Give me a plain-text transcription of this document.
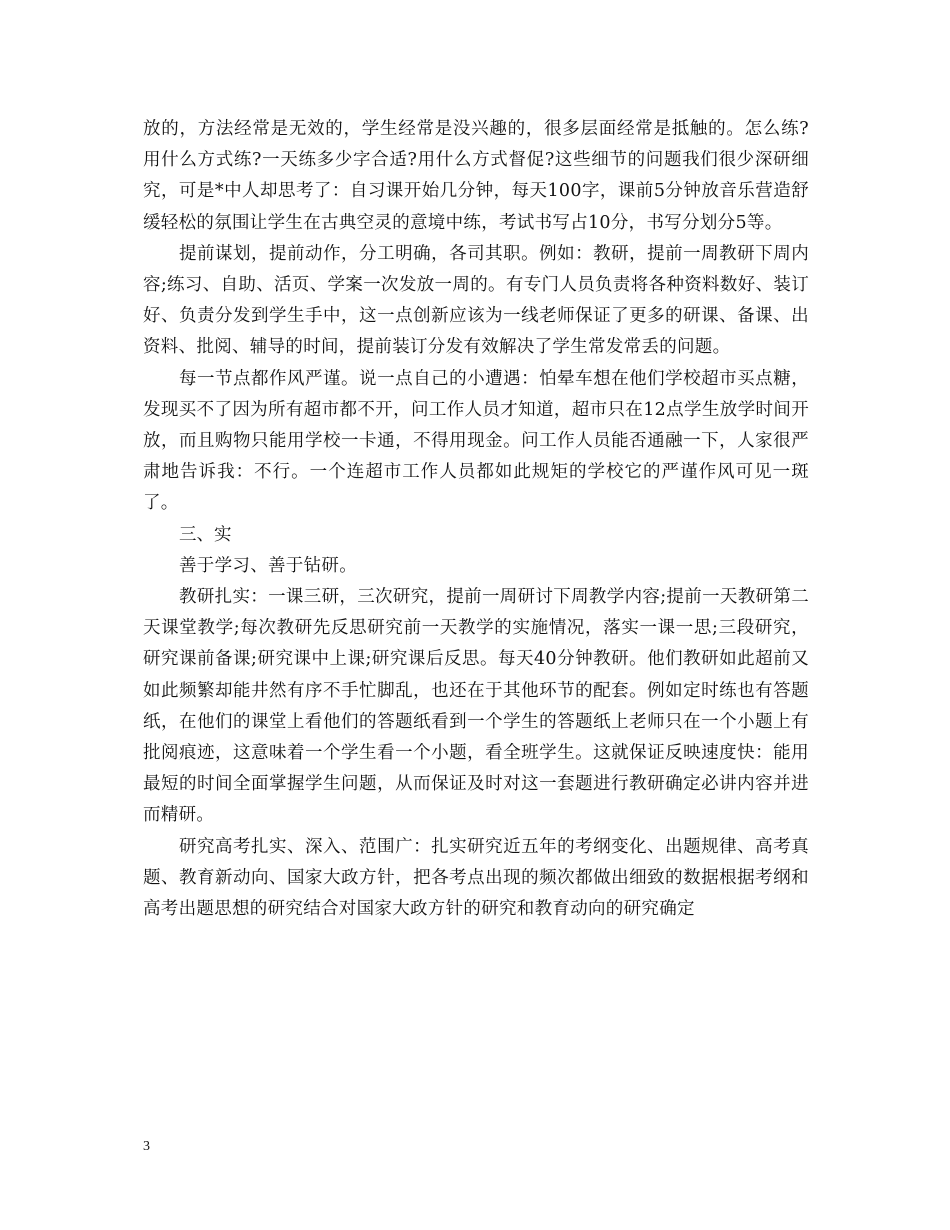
放的，方法经常是无效的，学生经常是没兴趣的，很多层面经常是抵触的。怎么练?用什么方式练?一天练多少字合适?用什么方式督促?这些细节的问题我们很少深研细究，可是*中人却思考了：自习课开始几分钟，每天100字，课前5分钟放音乐营造舒缓轻松的氛围让学生在古典空灵的意境中练，考试书写占10分，书写分划分5等。

提前谋划，提前动作，分工明确，各司其职。例如：教研，提前一周教研下周内容;练习、自助、活页、学案一次发放一周的。有专门人员负责将各种资料数好、装订好、负责分发到学生手中，这一点创新应该为一线老师保证了更多的研课、备课、出资料、批阅、辅导的时间，提前装订分发有效解决了学生常发常丢的问题。

每一节点都作风严谨。说一点自己的小遭遇：怕晕车想在他们学校超市买点糖，发现买不了因为所有超市都不开，问工作人员才知道，超市只在12点学生放学时间开放，而且购物只能用学校一卡通，不得用现金。问工作人员能否通融一下，人家很严肃地告诉我：不行。一个连超市工作人员都如此规矩的学校它的严谨作风可见一斑了。

三、实

善于学习、善于钻研。

教研扎实：一课三研，三次研究，提前一周研讨下周教学内容;提前一天教研第二天课堂教学;每次教研先反思研究前一天教学的实施情况，落实一课一思;三段研究，研究课前备课;研究课中上课;研究课后反思。每天40分钟教研。他们教研如此超前又如此频繁却能井然有序不手忙脚乱，也还在于其他环节的配套。例如定时练也有答题纸，在他们的课堂上看他们的答题纸看到一个学生的答题纸上老师只在一个小题上有批阅痕迹，这意味着一个学生看一个小题，看全班学生。这就保证反映速度快：能用最短的时间全面掌握学生问题，从而保证及时对这一套题进行教研确定必讲内容并进而精研。

研究高考扎实、深入、范围广：扎实研究近五年的考纲变化、出题规律、高考真题、教育新动向、国家大政方针，把各考点出现的频次都做出细致的数据根据考纲和高考出题思想的研究结合对国家大政方针的研究和教育动向的研究确定

3
